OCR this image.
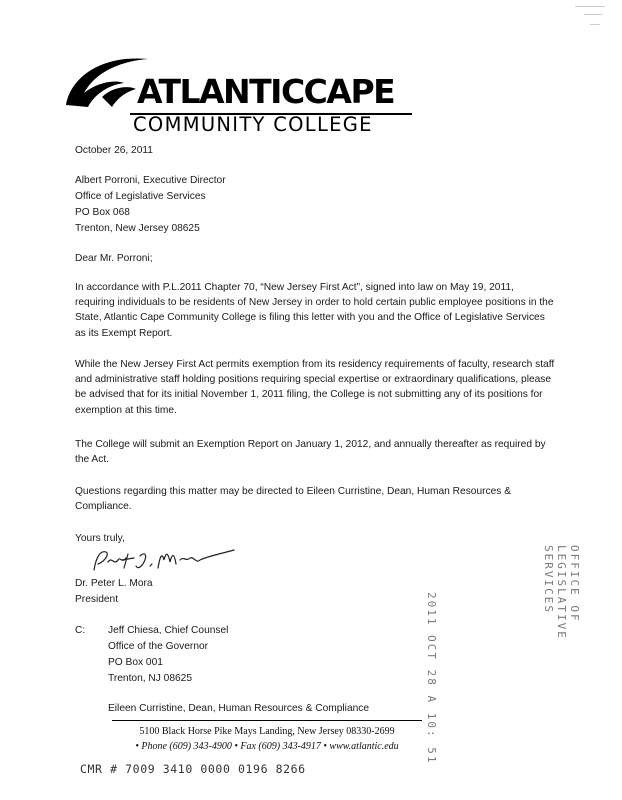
ATLANTICCAPE
COMMUNITY COLLEGE
October 26, 2011
Albert Porroni, Executive Director
Office of Legislative Services
PO Box 068
Trenton, New Jersey 08625
Dear Mr. Porroni;
In accordance with P.L.2011 Chapter 70, “New Jersey First Act”, signed into law on May 19, 2011, requiring individuals to be residents of New Jersey in order to hold certain public employee positions in the State, Atlantic Cape Community College is filing this letter with you and the Office of Legislative Services as its Exempt Report.
While the New Jersey First Act permits exemption from its residency requirements of faculty, research staff and administrative staff holding positions requiring special expertise or extraordinary qualifications, please be advised that for its initial November 1, 2011 filing, the College is not submitting any of its positions for exemption at this time.
The College will submit an Exemption Report on January 1, 2012, and annually thereafter as required by the Act.
Questions regarding this matter may be directed to Eileen Curristine, Dean, Human Resources & Compliance.
Yours truly,
Dr. Peter L. Mora
President
C: Jeff Chiesa, Chief Counsel
Office of the Governor
PO Box 001
Trenton, NJ 08625
Eileen Curristine, Dean, Human Resources & Compliance	2011 OCT 28 A 10: 51
OFFICE OF
LEGISLATIVE
SERVICES
5100 Black Horse Pike Mays Landing, New Jersey 08330-2699
• Phone (609) 343-4900 • Fax (609) 343-4917 • www.atlantic.edu
CMR # 7009 3410 0000 0196 8266
